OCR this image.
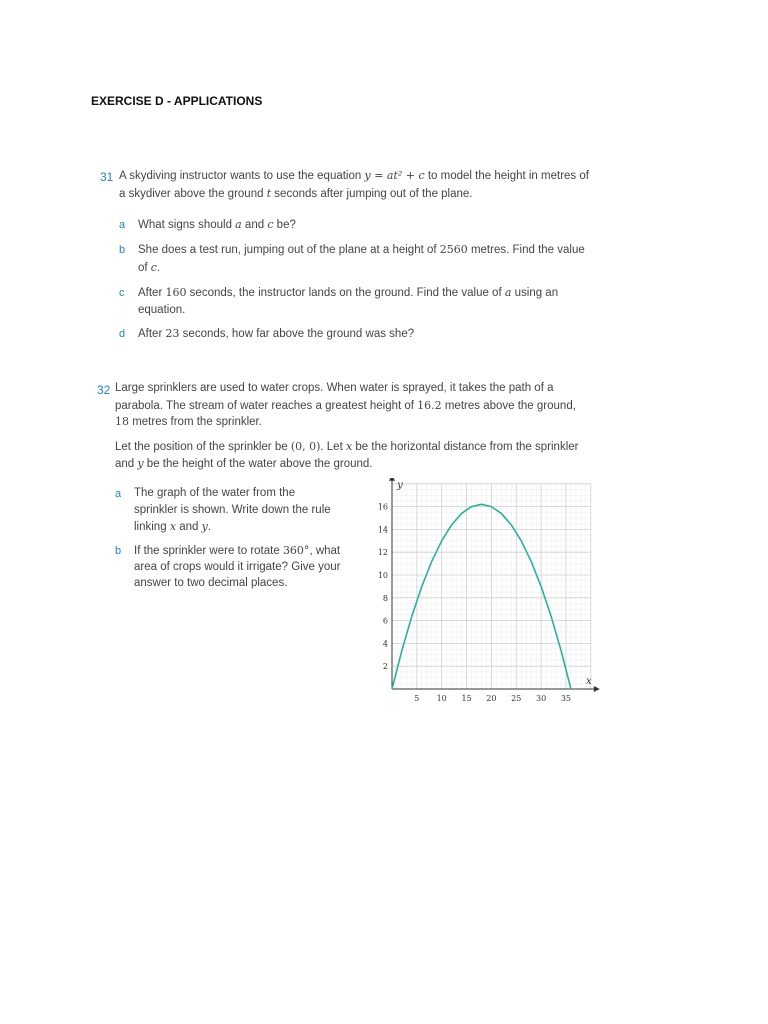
EXERCISE D - APPLICATIONS
31 A skydiving instructor wants to use the equation y = at² + c to model the height in metres of
a skydiver above the ground t seconds after jumping out of the plane.
a What signs should a and c be?
b She does a test run, jumping out of the plane at a height of 2560 metres. Find the value
of c.
c After 160 seconds, the instructor lands on the ground. Find the value of a using an
equation.
d After 23 seconds, how far above the ground was she?
32 Large sprinklers are used to water crops. When water is sprayed, it takes the path of a
parabola. The stream of water reaches a greatest height of 16.2 metres above the ground,
18 metres from the sprinkler.
Let the position of the sprinkler be (0, 0). Let x be the horizontal distance from the sprinkler
and y be the height of the water above the ground.
a The graph of the water from the
sprinkler is shown. Write down the rule
linking x and y.
b If the sprinkler were to rotate 360°, what
area of crops would it irrigate? Give your
answer to two decimal places.
5 10 15 20 25 30 35
2
4
6
8
10
12
14
16
x
y
